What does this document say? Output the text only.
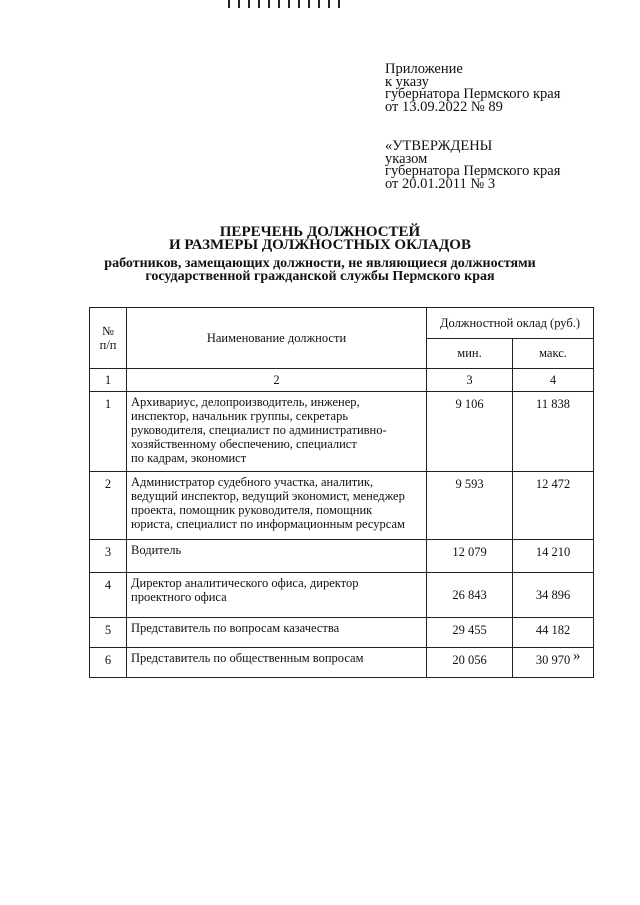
Приложение
к указу
губернатора Пермского края
от 13.09.2022 № 89
«УТВЕРЖДЕНЫ
указом
губернатора Пермского края
от 20.01.2011 № 3
ПЕРЕЧЕНЬ ДОЛЖНОСТЕЙ
И РАЗМЕРЫ ДОЛЖНОСТНЫХ ОКЛАДОВ
работников, замещающих должности, не являющиеся должностями
государственной гражданской службы Пермского края
№
п/п	Наименование должности	Должностной оклад (руб.)	
		мин.	макс.
1	2	3	4
1	Архивариус, делопроизводитель, инженер,
инспектор, начальник группы, секретарь
руководителя, специалист по административно-
хозяйственному обеспечению, специалист
по кадрам, экономист	9 106	11 838
2	Администратор судебного участка, аналитик,
ведущий инспектор, ведущий экономист, менеджер
проекта, помощник руководителя, помощник
юриста, специалист по информационным ресурсам	9 593	12 472
3	Водитель	12 079	14 210
4	Директор аналитического офиса, директор
проектного офиса	26 843	34 896
5	Представитель по вопросам казачества	29 455	44 182
6	Представитель по общественным вопросам	20 056	30 970 »
